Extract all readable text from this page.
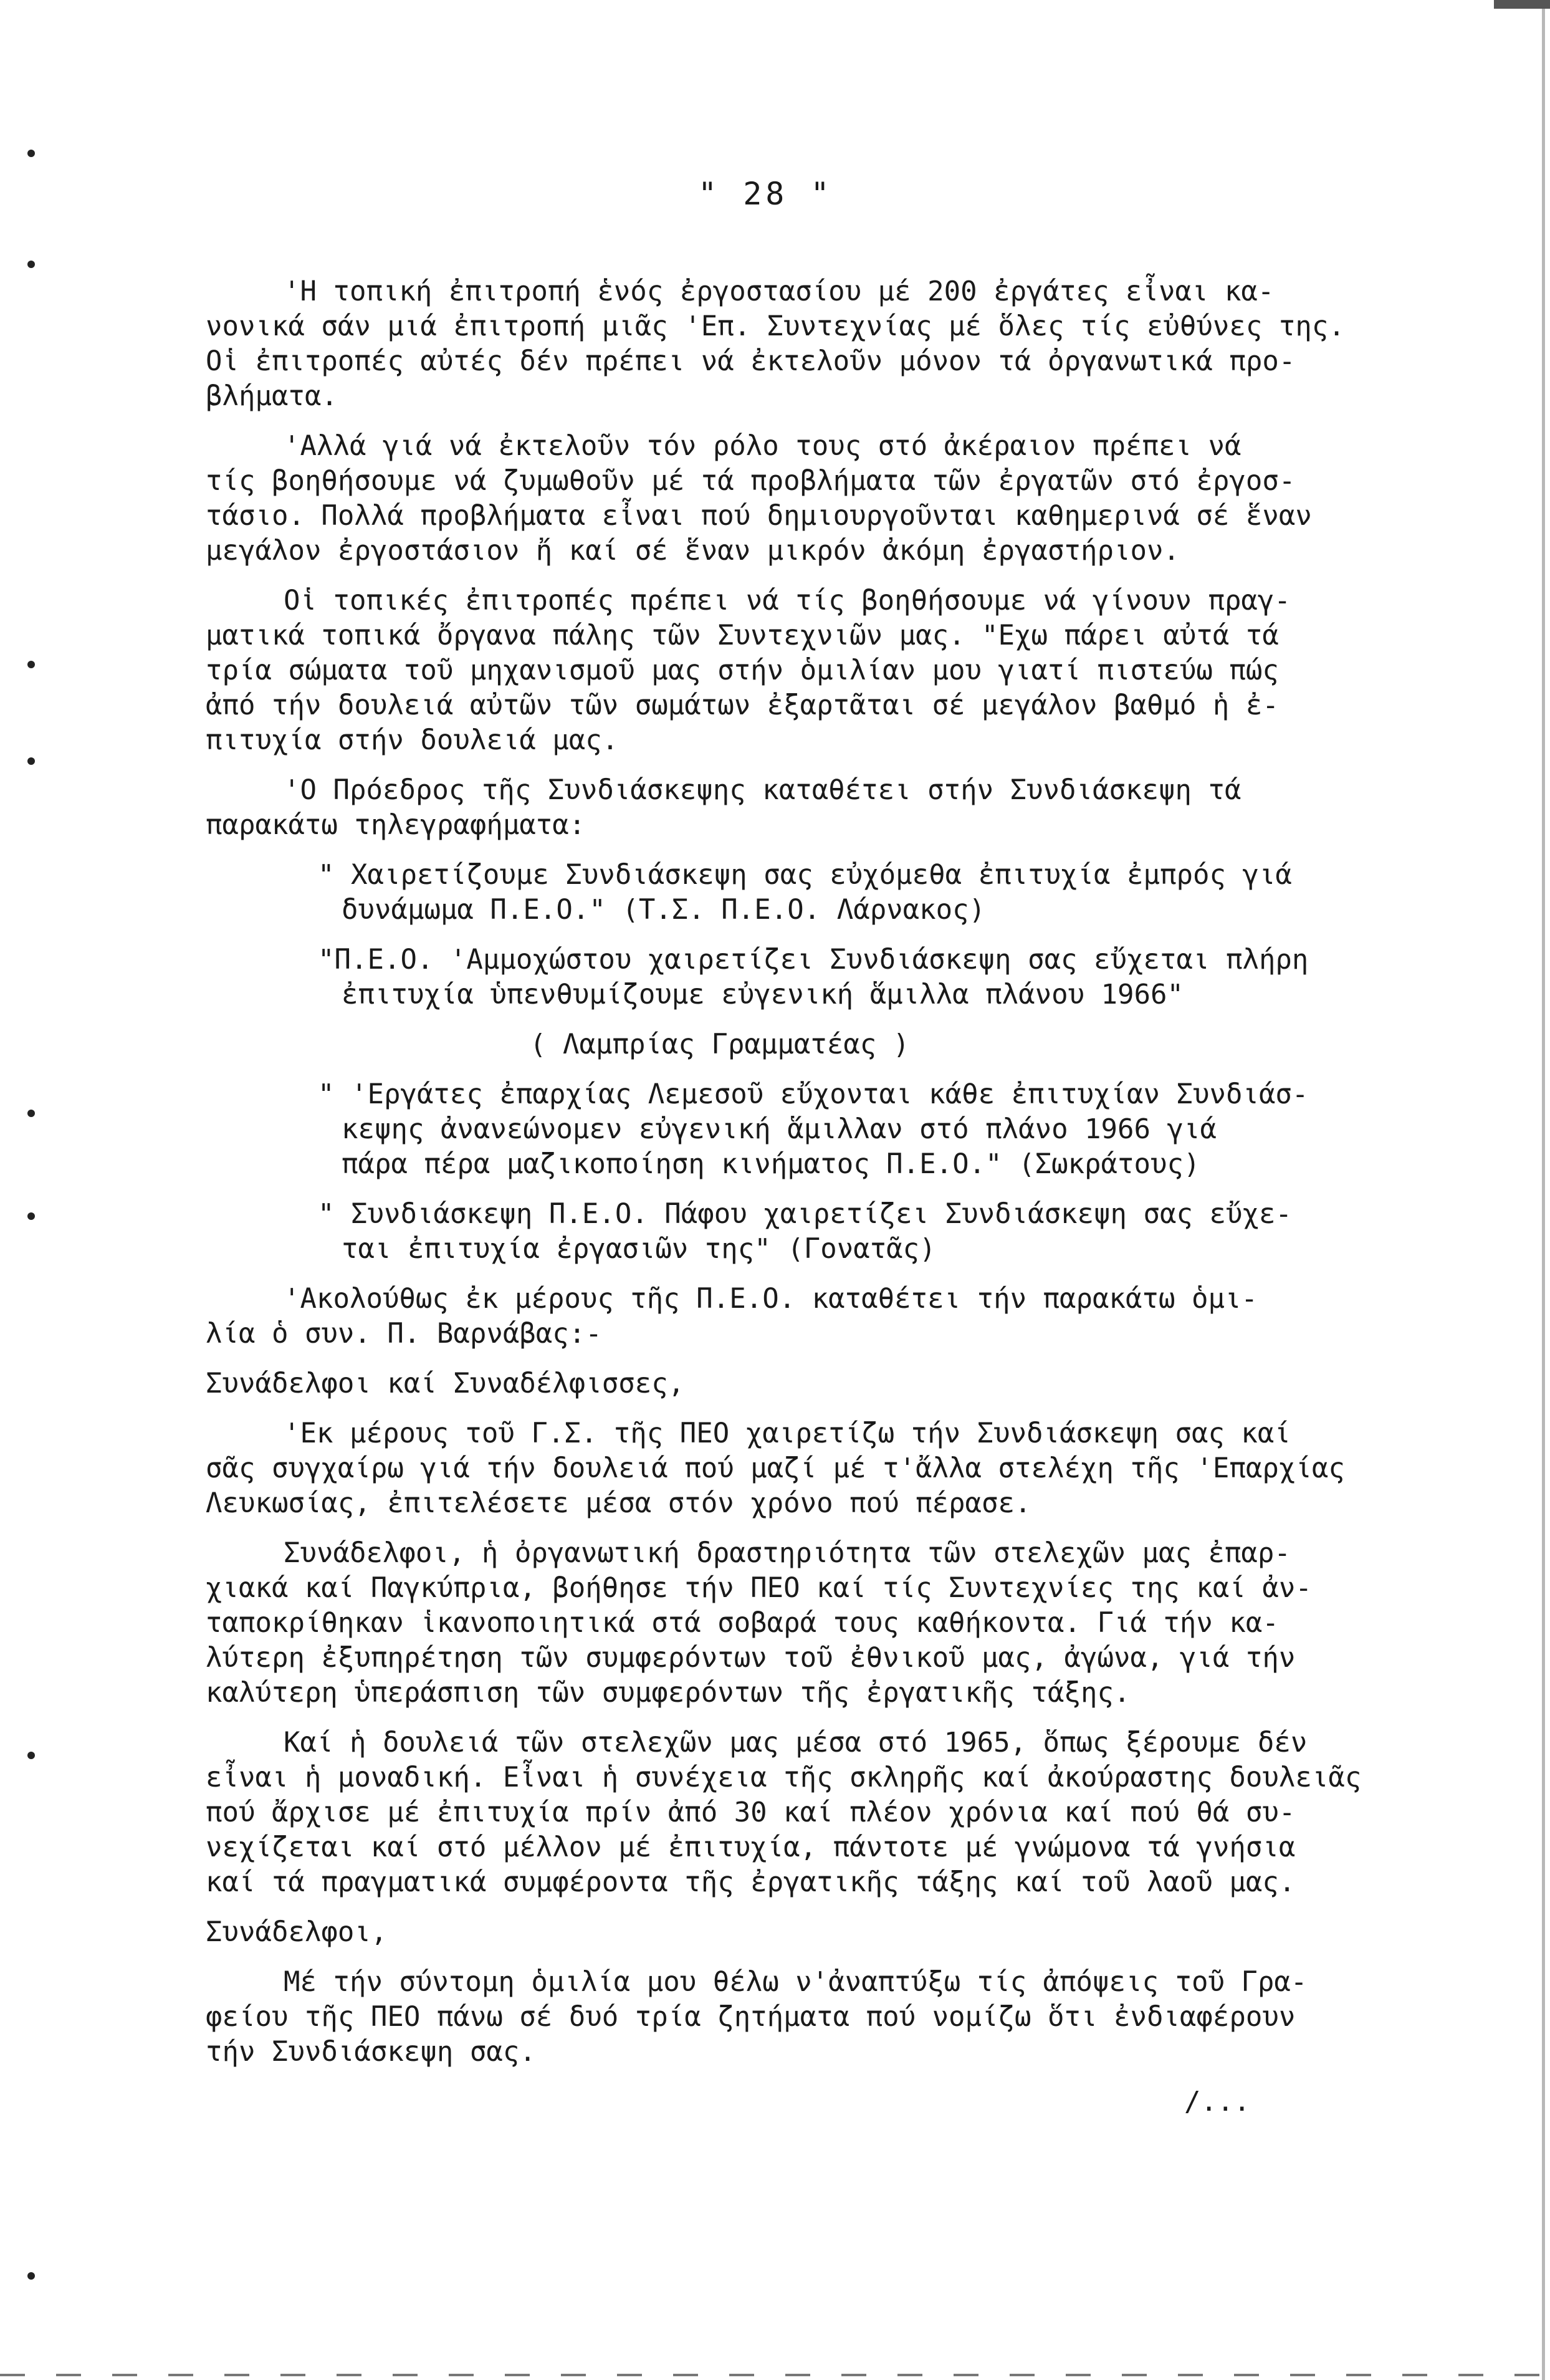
" 28 "
'Η τοπική ἐπιτροπή ἑνός ἐργοστασίου μέ 200 ἐργάτες εἶναι κα-
νονικά σάν μιά ἐπιτροπή μιᾶς 'Επ. Συντεχνίας μέ ὅλες τίς εὐθύνες της.
Οἱ ἐπιτροπές αὐτές δέν πρέπει νά ἐκτελοῦν μόνον τά ὀργανωτικά προ-
βλήματα.
'Αλλά γιά νά ἐκτελοῦν τόν ρόλο τους στό ἀκέραιον πρέπει νά
τίς βοηθήσουμε νά ζυμωθοῦν μέ τά προβλήματα τῶν ἐργατῶν στό ἐργοσ-
τάσιο. Πολλά προβλήματα εἶναι πού δημιουργοῦνται καθημερινά σέ ἕναν
μεγάλον ἐργοστάσιον ἤ καί σέ ἕναν μικρόν ἀκόμη ἐργαστήριον.
Οἱ τοπικές ἐπιτροπές πρέπει νά τίς βοηθήσουμε νά γίνουν πραγ-
ματικά τοπικά ὄργανα πάλης τῶν Συντεχνιῶν μας. "Εχω πάρει αὐτά τά
τρία σώματα τοῦ μηχανισμοῦ μας στήν ὁμιλίαν μου γιατί πιστεύω πώς
ἀπό τήν δουλειά αὐτῶν τῶν σωμάτων ἐξαρτᾶται σέ μεγάλον βαθμό ἡ ἐ-
πιτυχία στήν δουλειά μας.
'Ο Πρόεδρος τῆς Συνδιάσκεψης καταθέτει στήν Συνδιάσκεψη τά
παρακάτω τηλεγραφήματα:
" Χαιρετίζουμε Συνδιάσκεψη σας εὐχόμεθα ἐπιτυχία ἐμπρός γιά
δυνάμωμα Π.Ε.Ο." (Τ.Σ. Π.Ε.Ο. Λάρνακος)
"Π.Ε.Ο. 'Αμμοχώστου χαιρετίζει Συνδιάσκεψη σας εὔχεται πλήρη
ἐπιτυχία ὑπενθυμίζουμε εὐγενική ἅμιλλα πλάνου 1966"
( Λαμπρίας Γραμματέας )
" 'Εργάτες ἐπαρχίας Λεμεσοῦ εὔχονται κάθε ἐπιτυχίαν Συνδιάσ-
κεψης ἀνανεώνομεν εὐγενική ἅμιλλαν στό πλάνο 1966 γιά
πάρα πέρα μαζικοποίηση κινήματος Π.Ε.Ο." (Σωκράτους)
" Συνδιάσκεψη Π.Ε.Ο. Πάφου χαιρετίζει Συνδιάσκεψη σας εὔχε-
ται ἐπιτυχία ἐργασιῶν της" (Γονατᾶς)
'Ακολούθως ἐκ μέρους τῆς Π.Ε.Ο. καταθέτει τήν παρακάτω ὁμι-
λία ὁ συν. Π. Βαρνάβας:-
Συνάδελφοι καί Συναδέλφισσες,
'Εκ μέρους τοῦ Γ.Σ. τῆς ΠΕΟ χαιρετίζω τήν Συνδιάσκεψη σας καί
σᾶς συγχαίρω γιά τήν δουλειά πού μαζί μέ τ'ἄλλα στελέχη τῆς 'Επαρχίας
Λευκωσίας, ἐπιτελέσετε μέσα στόν χρόνο πού πέρασε.
Συνάδελφοι, ἡ ὀργανωτική δραστηριότητα τῶν στελεχῶν μας ἐπαρ-
χιακά καί Παγκύπρια, βοήθησε τήν ΠΕΟ καί τίς Συντεχνίες της καί ἀν-
ταποκρίθηκαν ἱκανοποιητικά στά σοβαρά τους καθήκοντα. Γιά τήν κα-
λύτερη ἐξυπηρέτηση τῶν συμφερόντων τοῦ ἐθνικοῦ μας, ἀγώνα, γιά τήν
καλύτερη ὑπεράσπιση τῶν συμφερόντων τῆς ἐργατικῆς τάξης.
Καί ἡ δουλειά τῶν στελεχῶν μας μέσα στό 1965, ὅπως ξέρουμε δέν
εἶναι ἡ μοναδική. Εἶναι ἡ συνέχεια τῆς σκληρῆς καί ἀκούραστης δουλειᾶς
πού ἄρχισε μέ ἐπιτυχία πρίν ἀπό 30 καί πλέον χρόνια καί πού θά συ-
νεχίζεται καί στό μέλλον μέ ἐπιτυχία, πάντοτε μέ γνώμονα τά γνήσια
καί τά πραγματικά συμφέροντα τῆς ἐργατικῆς τάξης καί τοῦ λαοῦ μας.
Συνάδελφοι,
Μέ τήν σύντομη ὁμιλία μου θέλω ν'ἀναπτύξω τίς ἀπόψεις τοῦ Γρα-
φείου τῆς ΠΕΟ πάνω σέ δυό τρία ζητήματα πού νομίζω ὅτι ἐνδιαφέρουν
τήν Συνδιάσκεψη σας.
/...
